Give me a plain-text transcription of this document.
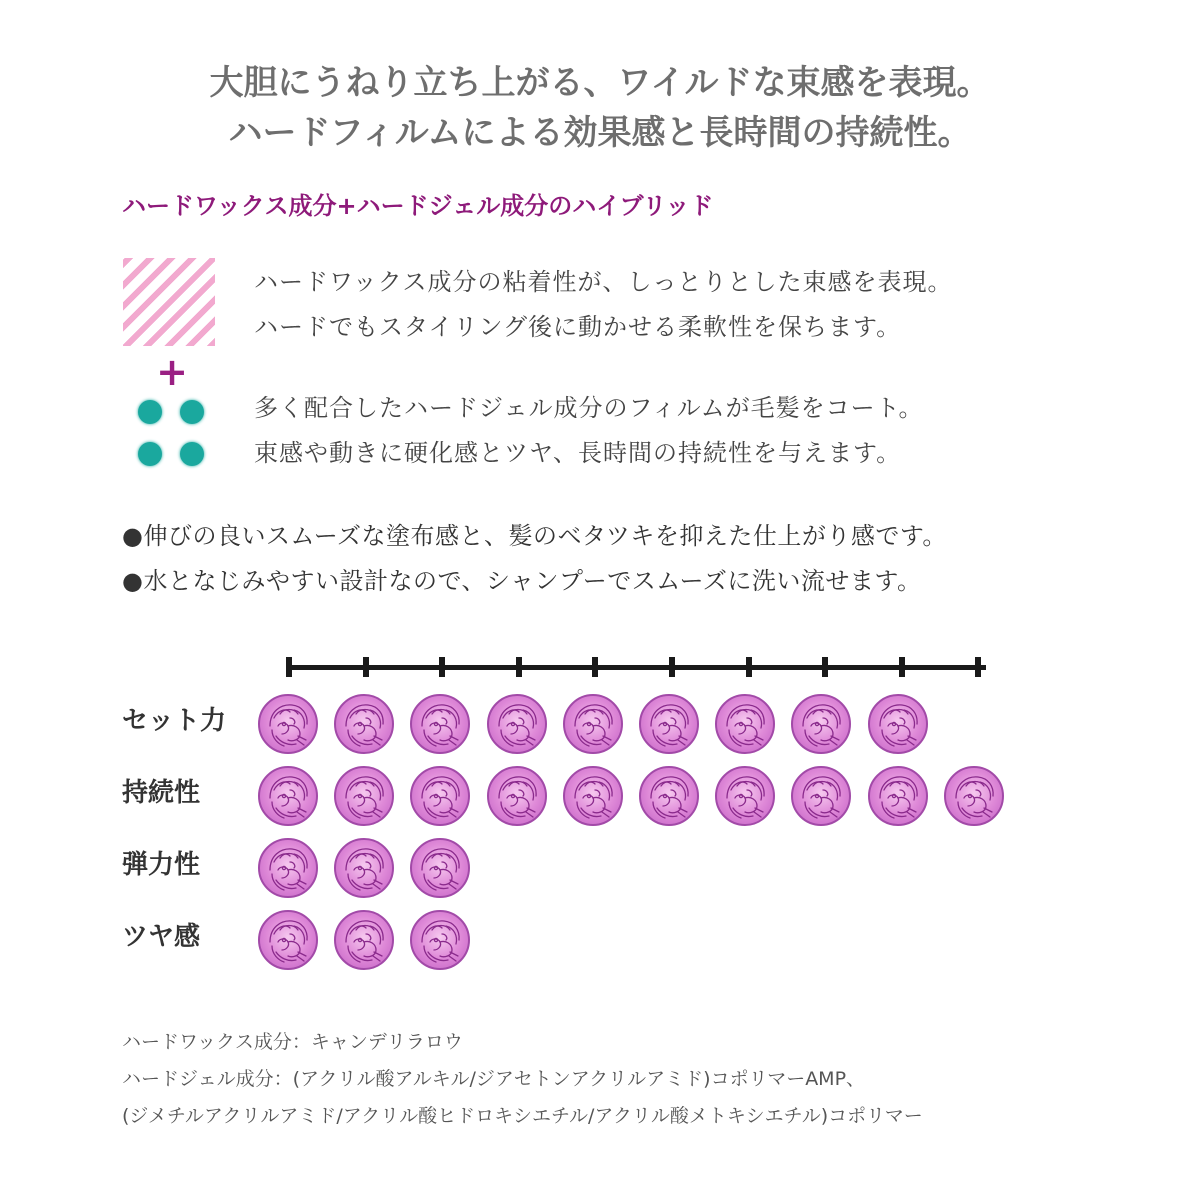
大胆にうねり立ち上がる、ワイルドな束感を表現。
ハードフィルムによる効果感と長時間の持続性。
ハードワックス成分+ハードジェル成分のハイブリッド
+
ハードワックス成分の粘着性が、しっとりとした束感を表現。
ハードでもスタイリング後に動かせる柔軟性を保ちます。
多く配合したハードジェル成分のフィルムが毛髪をコート。
束感や動きに硬化感とツヤ、長時間の持続性を与えます。
●伸びの良いスムーズな塗布感と、髪のベタツキを抑えた仕上がり感です。
●水となじみやすい設計なので、シャンプーでスムーズに洗い流せます。
セット力
持続性
弾力性
ツヤ感
ハードワックス成分：キャンデリラロウ
ハードジェル成分：(アクリル酸アルキル/ジアセトンアクリルアミド)コポリマーAMP、
(ジメチルアクリルアミド/アクリル酸ヒドロキシエチル/アクリル酸メトキシエチル)コポリマー
